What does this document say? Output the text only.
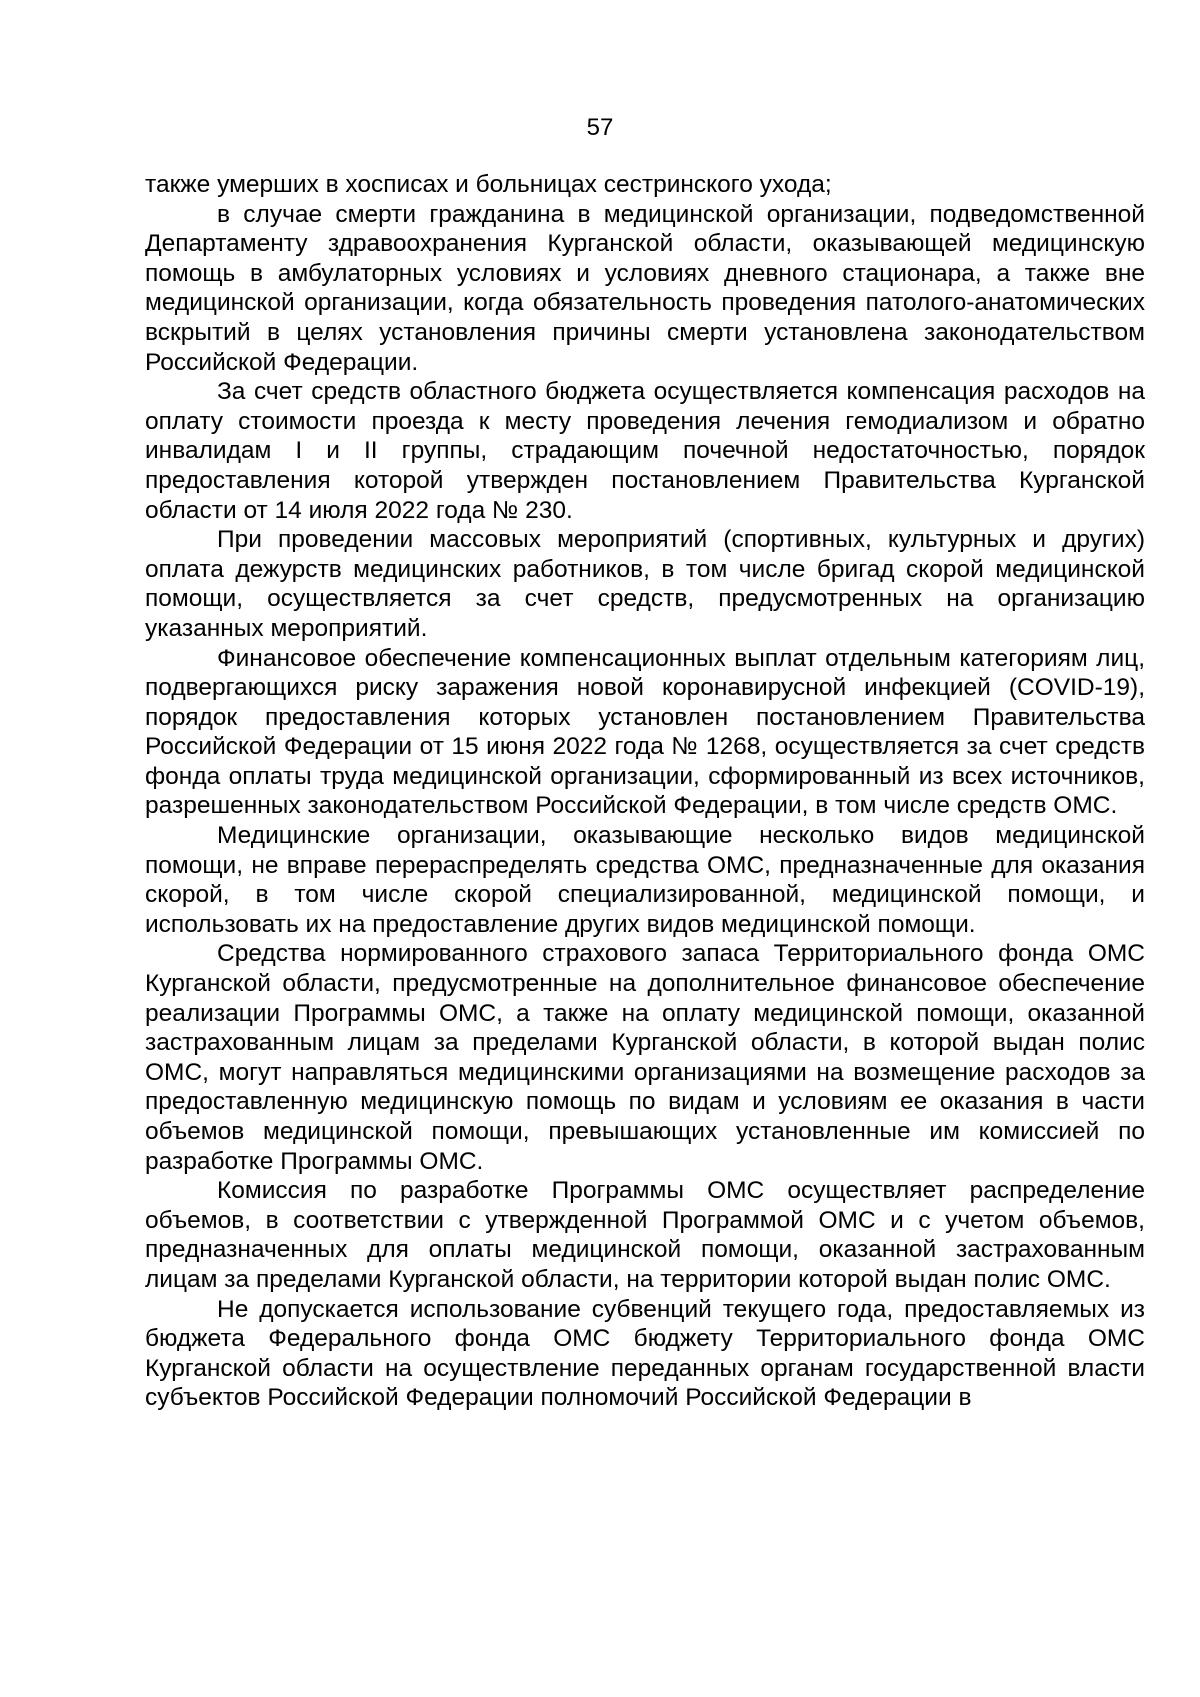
57

также умерших в хосписах и больницах сестринского ухода;

в случае смерти гражданина в медицинской организации, подведомственной Департаменту здравоохранения Курганской области, оказывающей медицинскую помощь в амбулаторных условиях и условиях дневного стационара, а также вне медицинской организации, когда обязательность проведения патолого-анатомических вскрытий в целях установления причины смерти установлена законодательством Российской Федерации.

За счет средств областного бюджета осуществляется компенсация расходов на оплату стоимости проезда к месту проведения лечения гемодиализом и обратно инвалидам I и II группы, страдающим почечной недостаточностью, порядок предоставления которой утвержден постановлением Правительства Курганской области от 14 июля 2022 года № 230.

При проведении массовых мероприятий (спортивных, культурных и других) оплата дежурств медицинских работников, в том числе бригад скорой медицинской помощи, осуществляется за счет средств, предусмотренных на организацию указанных мероприятий.

Финансовое обеспечение компенсационных выплат отдельным категориям лиц, подвергающихся риску заражения новой коронавирусной инфекцией (COVID-19), порядок предоставления которых установлен постановлением Правительства Российской Федерации от 15 июня 2022 года № 1268, осуществляется за счет средств фонда оплаты труда медицинской организации, сформированный из всех источников, разрешенных законодательством Российской Федерации, в том числе средств ОМС.

Медицинские организации, оказывающие несколько видов медицинской помощи, не вправе перераспределять средства ОМС, предназначенные для оказания скорой, в том числе скорой специализированной, медицинской помощи, и использовать их на предоставление других видов медицинской помощи.

Средства нормированного страхового запаса Территориального фонда ОМС Курганской области, предусмотренные на дополнительное финансовое обеспечение реализации Программы ОМС, а также на оплату медицинской помощи, оказанной застрахованным лицам за пределами Курганской области, в которой выдан полис ОМС, могут направляться медицинскими организациями на возмещение расходов за предоставленную медицинскую помощь по видам и условиям ее оказания в части объемов медицинской помощи, превышающих установленные им комиссией по разработке Программы ОМС.

Комиссия по разработке Программы ОМС осуществляет распределение объемов, в соответствии с утвержденной Программой ОМС и с учетом объемов, предназначенных для оплаты медицинской помощи, оказанной застрахованным лицам за пределами Курганской области, на территории которой выдан полис ОМС.

Не допускается использование субвенций текущего года, предоставляемых из бюджета Федерального фонда ОМС бюджету Территориального фонда ОМС Курганской области на осуществление переданных органам государственной власти субъектов Российской Федерации полномочий Российской Федерации в
